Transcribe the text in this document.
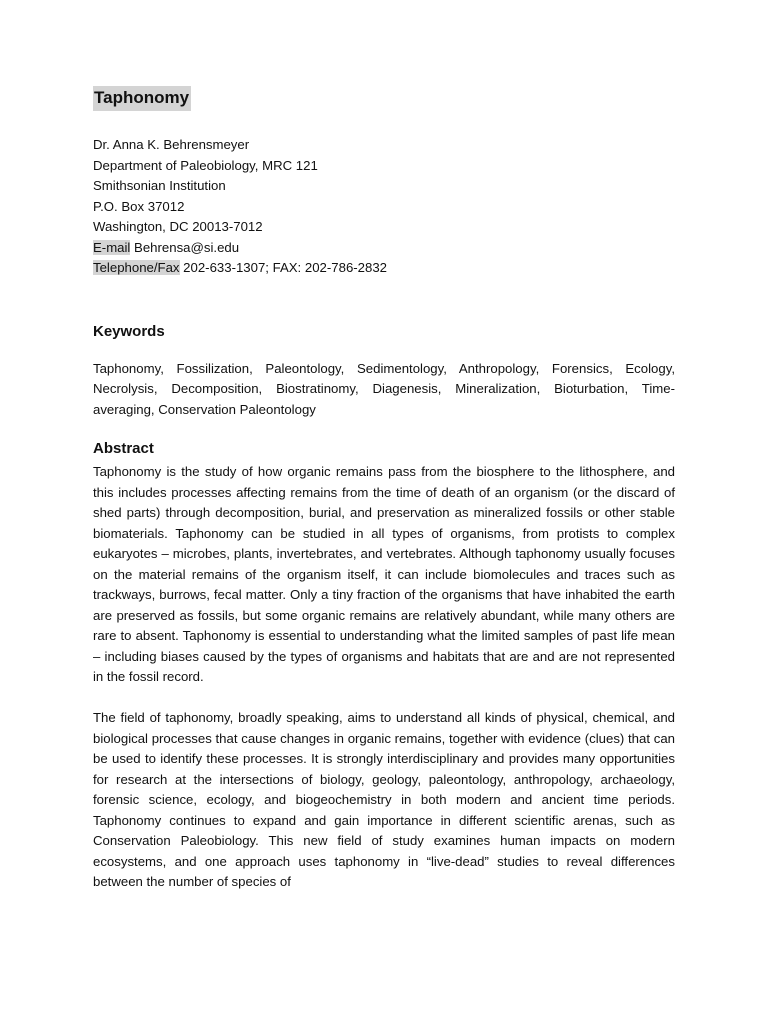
Taphonomy
Dr. Anna K. Behrensmeyer
Department of Paleobiology, MRC 121
Smithsonian Institution
P.O. Box 37012
Washington, DC 20013-7012
E-mail Behrensa@si.edu
Telephone/Fax 202-633-1307; FAX: 202-786-2832
Keywords

Taphonomy, Fossilization, Paleontology, Sedimentology, Anthropology, Forensics, Ecology, Necrolysis, Decomposition, Biostratinomy, Diagenesis, Mineralization, Bioturbation, Time-averaging, Conservation Paleontology

Abstract

Taphonomy is the study of how organic remains pass from the biosphere to the lithosphere, and this includes processes affecting remains from the time of death of an organism (or the discard of shed parts) through decomposition, burial, and preservation as mineralized fossils or other stable biomaterials. Taphonomy can be studied in all types of organisms, from protists to complex eukaryotes – microbes, plants, invertebrates, and vertebrates. Although taphonomy usually focuses on the material remains of the organism itself, it can include biomolecules and traces such as trackways, burrows, fecal matter. Only a tiny fraction of the organisms that have inhabited the earth are preserved as fossils, but some organic remains are relatively abundant, while many others are rare to absent. Taphonomy is essential to understanding what the limited samples of past life mean – including biases caused by the types of organisms and habitats that are and are not represented in the fossil record.

The field of taphonomy, broadly speaking, aims to understand all kinds of physical, chemical, and biological processes that cause changes in organic remains, together with evidence (clues) that can be used to identify these processes. It is strongly interdisciplinary and provides many opportunities for research at the intersections of biology, geology, paleontology, anthropology, archaeology, forensic science, ecology, and biogeochemistry in both modern and ancient time periods. Taphonomy continues to expand and gain importance in different scientific arenas, such as Conservation Paleobiology. This new field of study examines human impacts on modern ecosystems, and one approach uses taphonomy in “live-dead” studies to reveal differences between the number of species of
